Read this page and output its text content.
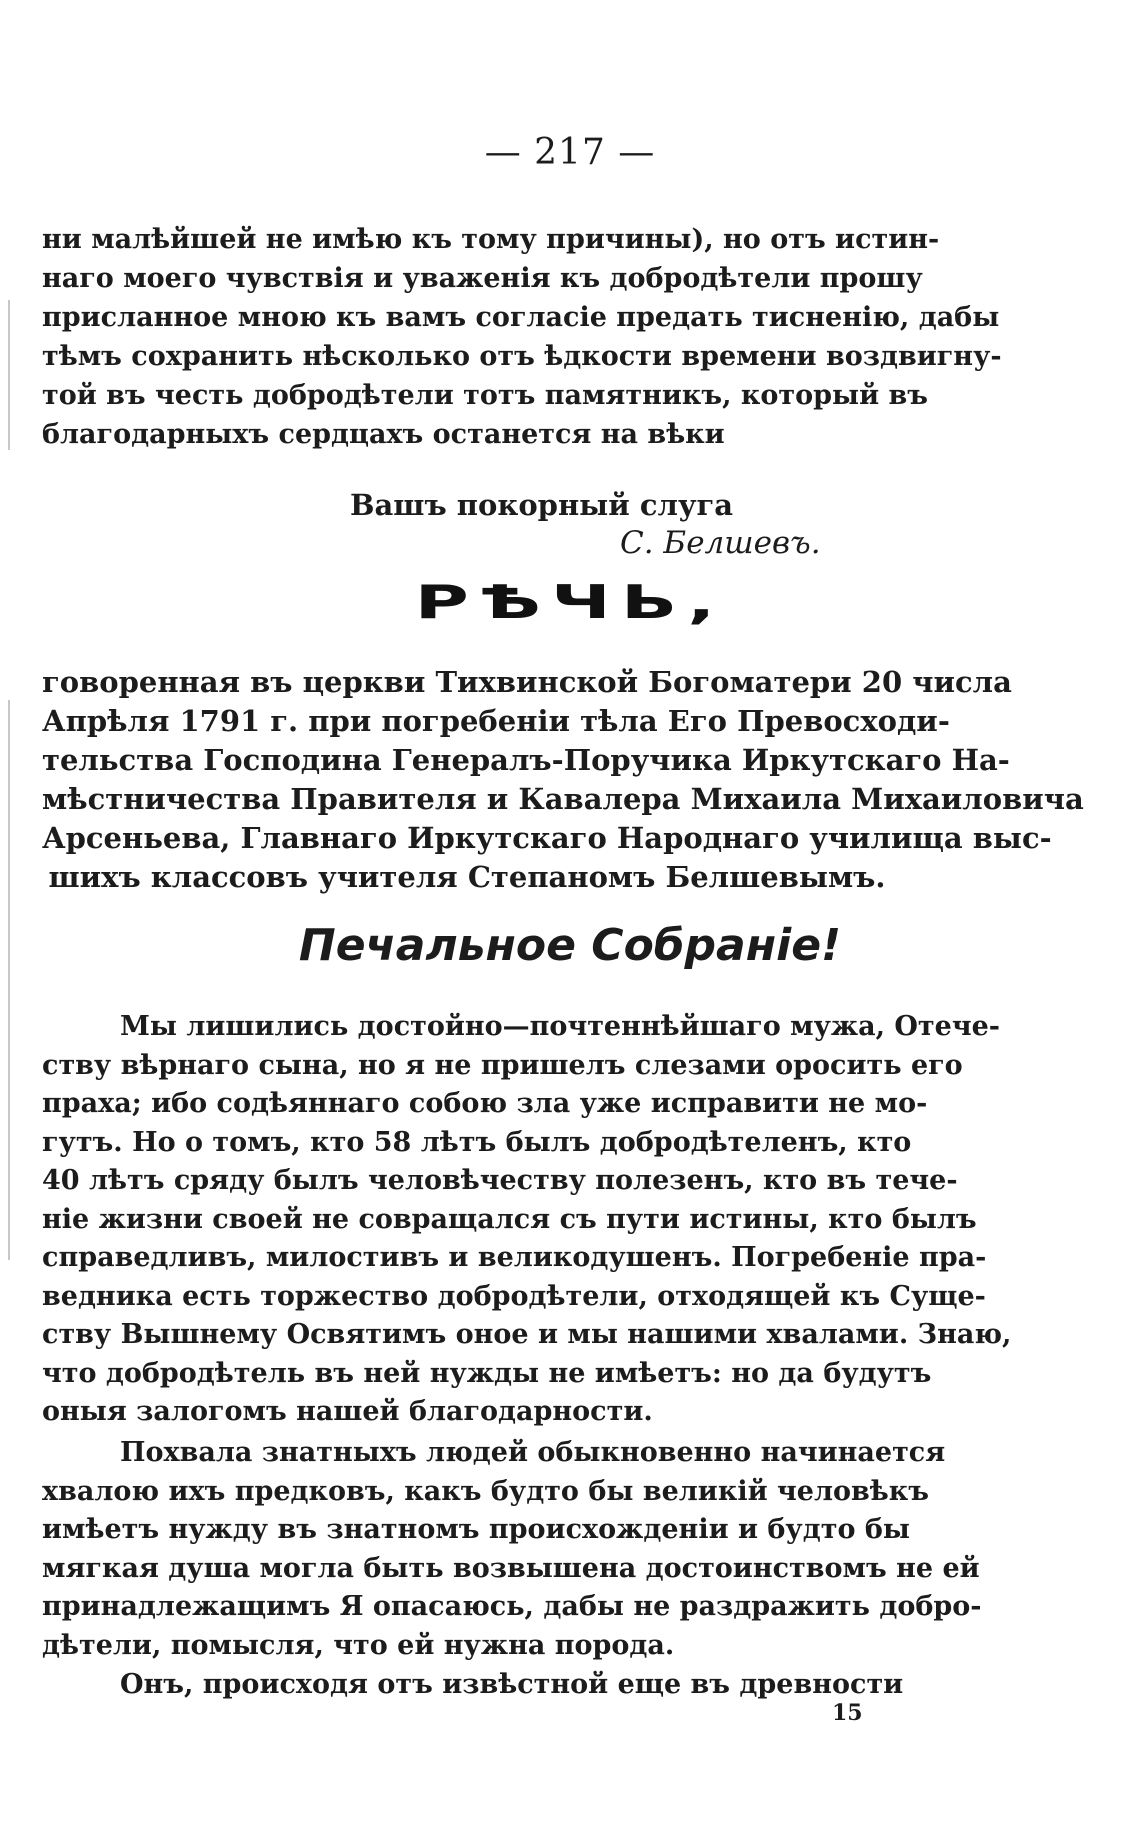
— 217 —
ни малѣйшей не имѣю къ тому причины), но отъ истин-
наго моего чувствія и уваженія къ добродѣтели прошу
присланное мною къ вамъ согласіе предать тисненію, дабы
тѣмъ сохранить нѣсколько отъ ѣдкости времени воздвигну-
той въ честь добродѣтели тотъ памятникъ, который въ
благодарныхъ сердцахъ останется на вѣки
Вашъ покорный слуга
С. Белшевъ.
РѢЧЬ,
говоренная въ церкви Тихвинской Богоматери 20 числа
Апрѣля 1791 г. при погребеніи тѣла Его Превосходи-
тельства Господина Генералъ-Поручика Иркутскаго На-
мѣстничества Правителя и Кавалера Михаила Михаиловича
Арсеньева, Главнаго Иркутскаго Народнаго училища выс-
шихъ классовъ учителя Степаномъ Белшевымъ.
Печальное Собраніе!
Мы лишились достойно—почтеннѣйшаго мужа, Отече-
ству вѣрнаго сына, но я не пришелъ слезами оросить его
праха; ибо содѣяннаго собою зла уже исправити не мо-
гутъ. Но о томъ, кто 58 лѣтъ былъ добродѣтеленъ, кто
40 лѣтъ сряду былъ человѣчеству полезенъ, кто въ тече-
ніе жизни своей не совращался съ пути истины, кто былъ
справедливъ, милостивъ и великодушенъ. Погребеніе пра-
ведника есть торжество добродѣтели, отходящей къ Суще-
ству Вышнему Освятимъ оное и мы нашими хвалами. Знаю,
что добродѣтель въ ней нужды не имѣетъ: но да будутъ
оныя залогомъ нашей благодарности.
Похвала знатныхъ людей обыкновенно начинается
хвалою ихъ предковъ, какъ будто бы великій человѣкъ
имѣетъ нужду въ знатномъ происхожденіи и будто бы
мягкая душа могла быть возвышена достоинствомъ не ей
принадлежащимъ Я опасаюсь, дабы не раздражить добро-
дѣтели, помысля, что ей нужна порода.
Онъ, происходя отъ извѣстной еще въ древности
15
